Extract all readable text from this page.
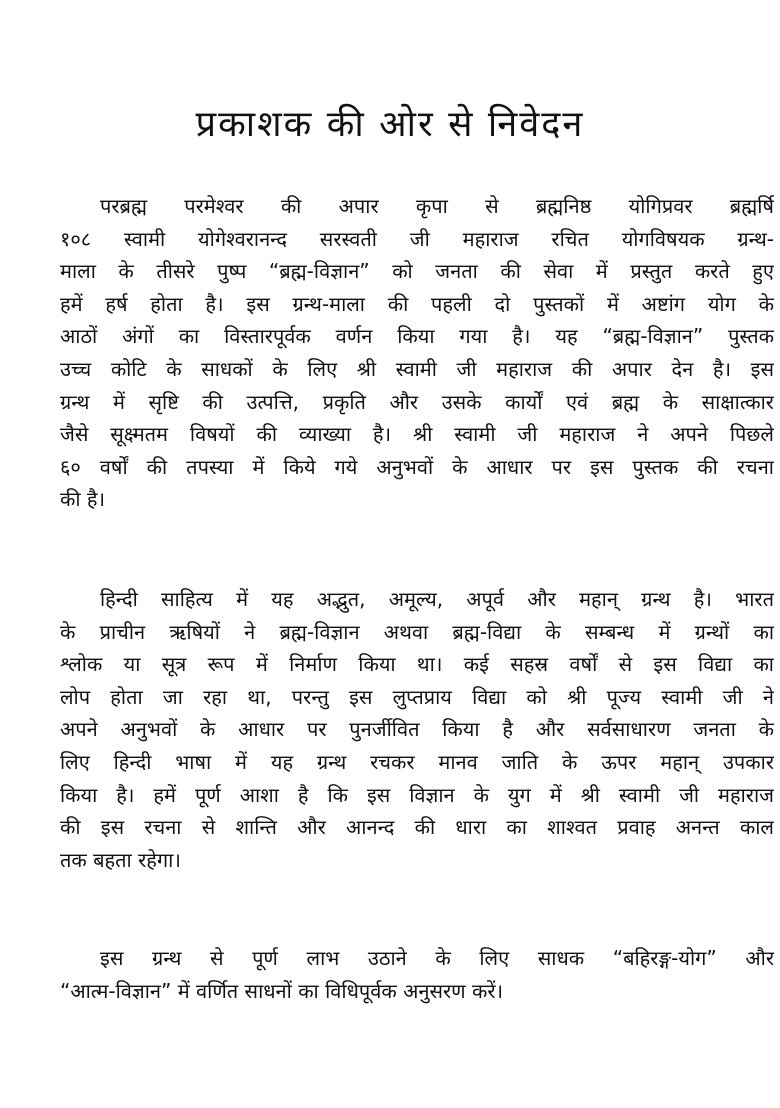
प्रकाशक की ओर से निवेदन
परब्रह्म परमेश्वर की अपार कृपा से ब्रह्मनिष्ठ योगिप्रवर ब्रह्मर्षि
१०८ स्वामी योगेश्वरानन्द सरस्वती जी महाराज रचित योगविषयक ग्रन्थ-
माला के तीसरे पुष्प “ब्रह्म-विज्ञान” को जनता की सेवा में प्रस्तुत करते हुए
हमें हर्ष होता है। इस ग्रन्थ-माला की पहली दो पुस्तकों में अष्टांग योग के
आठों अंगों का विस्तारपूर्वक वर्णन किया गया है। यह “ब्रह्म-विज्ञान” पुस्तक
उच्च कोटि के साधकों के लिए श्री स्वामी जी महाराज की अपार देन है। इस
ग्रन्थ में सृष्टि की उत्पत्ति, प्रकृति और उसके कार्यों एवं ब्रह्म के साक्षात्कार
जैसे सूक्ष्मतम विषयों की व्याख्या है। श्री स्वामी जी महाराज ने अपने पिछले
६० वर्षों की तपस्या में किये गये अनुभवों के आधार पर इस पुस्तक की रचना
की है।
हिन्दी साहित्य में यह अद्भुत, अमूल्य, अपूर्व और महान् ग्रन्थ है। भारत
के प्राचीन ऋषियों ने ब्रह्म-विज्ञान अथवा ब्रह्म-विद्या के सम्बन्ध में ग्रन्थों का
श्लोक या सूत्र रूप में निर्माण किया था। कई सहस्र वर्षों से इस विद्या का
लोप होता जा रहा था, परन्तु इस लुप्तप्राय विद्या को श्री पूज्य स्वामी जी ने
अपने अनुभवों के आधार पर पुनर्जीवित किया है और सर्वसाधारण जनता के
लिए हिन्दी भाषा में यह ग्रन्थ रचकर मानव जाति के ऊपर महान् उपकार
किया है। हमें पूर्ण आशा है कि इस विज्ञान के युग में श्री स्वामी जी महाराज
की इस रचना से शान्ति और आनन्द की धारा का शाश्वत प्रवाह अनन्त काल
तक बहता रहेगा।
इस ग्रन्थ से पूर्ण लाभ उठाने के लिए साधक “बहिरङ्ग-योग” और
“आत्म-विज्ञान” में वर्णित साधनों का विधिपूर्वक अनुसरण करें।
